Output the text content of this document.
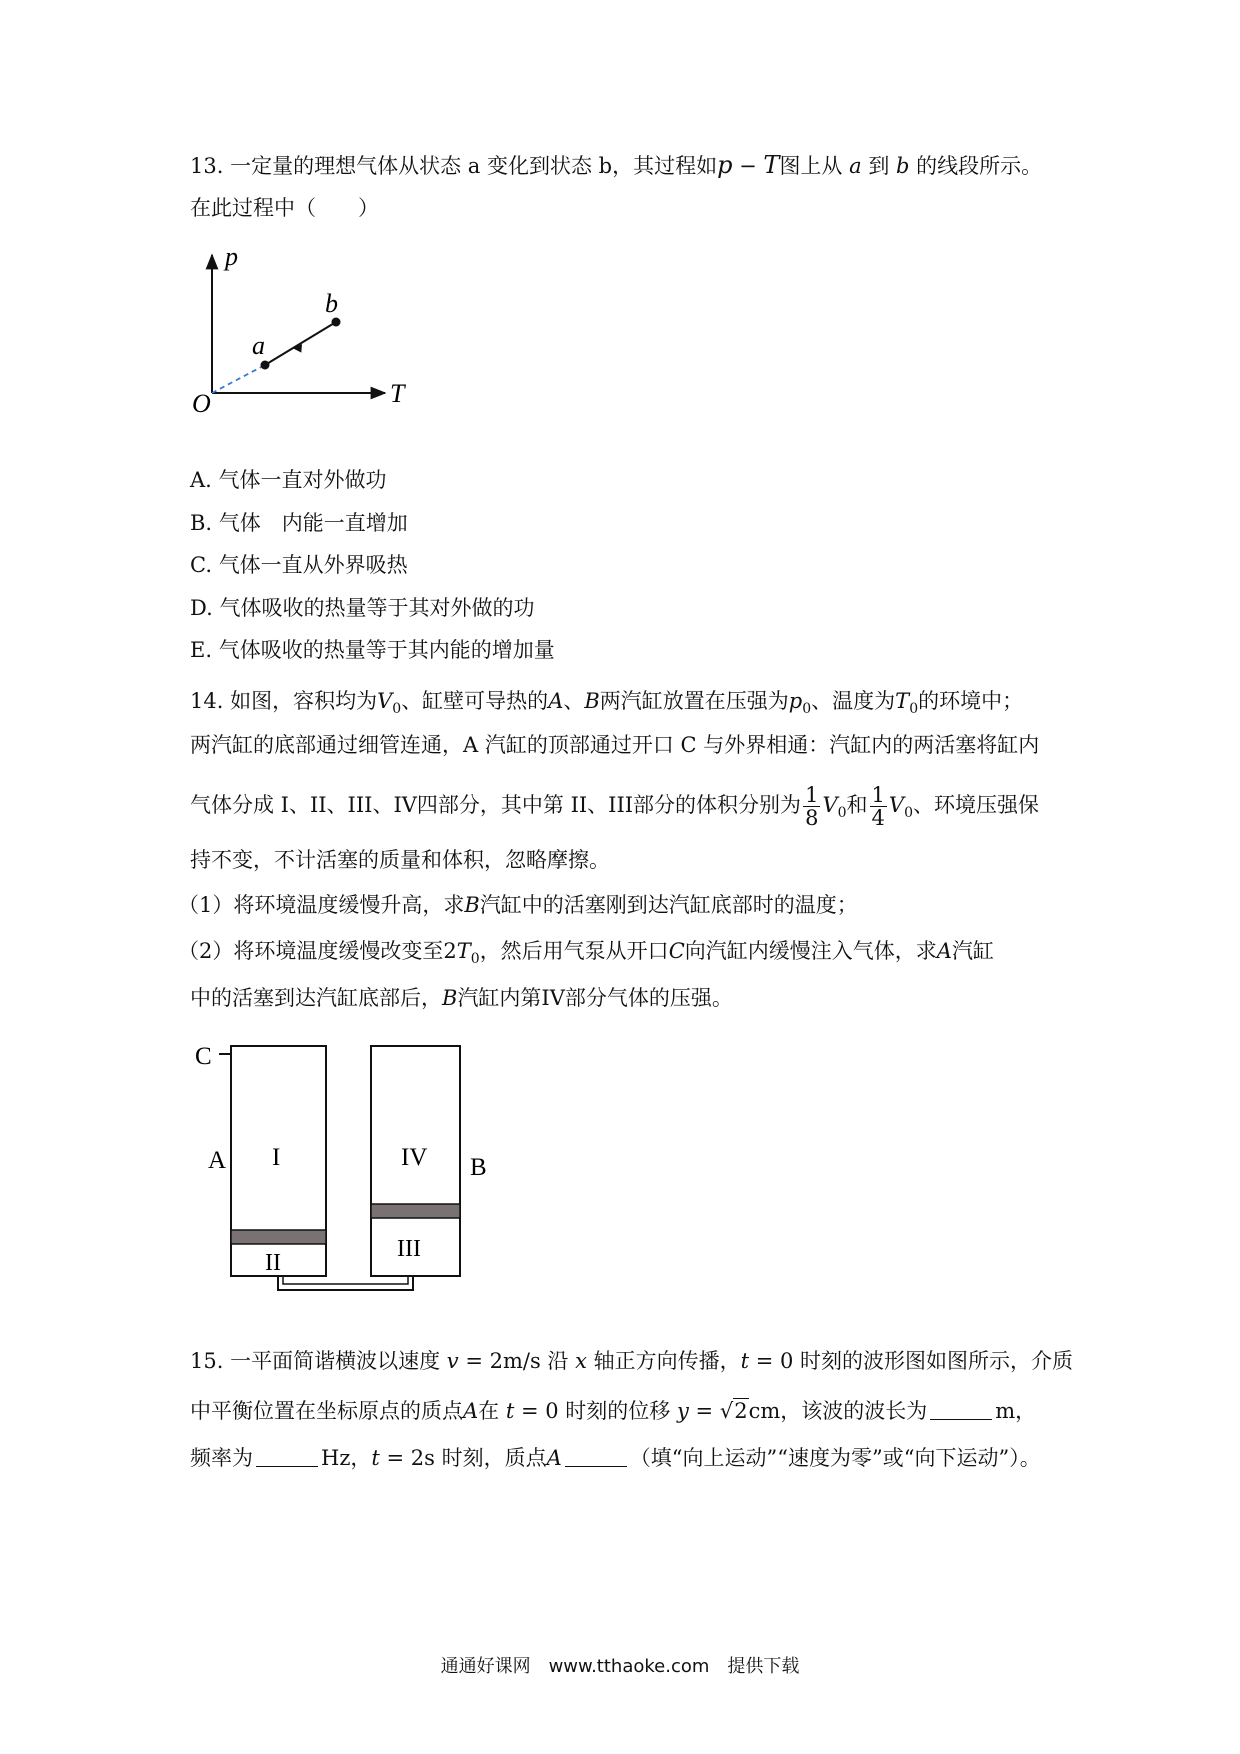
13. 一定量的理想气体从状态 a 变化到状态 b，其过程如p − T图上从 a 到 b 的线段所示。
在此过程中（　　）
p
b
a
O	T
A. 气体一直对外做功
B. 气体　内能一直增加
C. 气体一直从外界吸热
D. 气体吸收的热量等于其对外做的功
E. 气体吸收的热量等于其内能的增加量
14. 如图，容积均为$V_0$、缸壁可导热的A、B两汽缸放置在压强为$p_0$、温度为$T_0$的环境中；
两汽缸的底部通过细管连通，A 汽缸的顶部通过开口 C 与外界相通：汽缸内的两活塞将缸内
气体分成 I、II、III、IV四部分，其中第 II、III部分的体积分别为 $\frac{1}{8} V_0$和 $\frac{1}{4} V_0$、环境压强保
持不变，不计活塞的质量和体积，忽略摩擦。
（1）将环境温度缓慢升高，求B汽缸中的活塞刚到达汽缸底部时的温度；
（2）将环境温度缓慢改变至$2T_0$，然后用气泵从开口C向汽缸内缓慢注入气体，求A汽缸
中的活塞到达汽缸底部后，B汽缸内第IV部分气体的压强。
C
A	B
I
II
IV
III
15. 一平面简谐横波以速度 v = 2m/s 沿 x 轴正方向传播，t = 0 时刻的波形图如图所示，介质
中平衡位置在坐标原点的质点A在 t = 0 时刻的位移 y = √2cm，该波的波长为	m，
频率为	Hz，t = 2s 时刻，质点A	（填“向上运动”“速度为零”或“向下运动”）。
通通好课网　www.tthaoke.com　提供下载
